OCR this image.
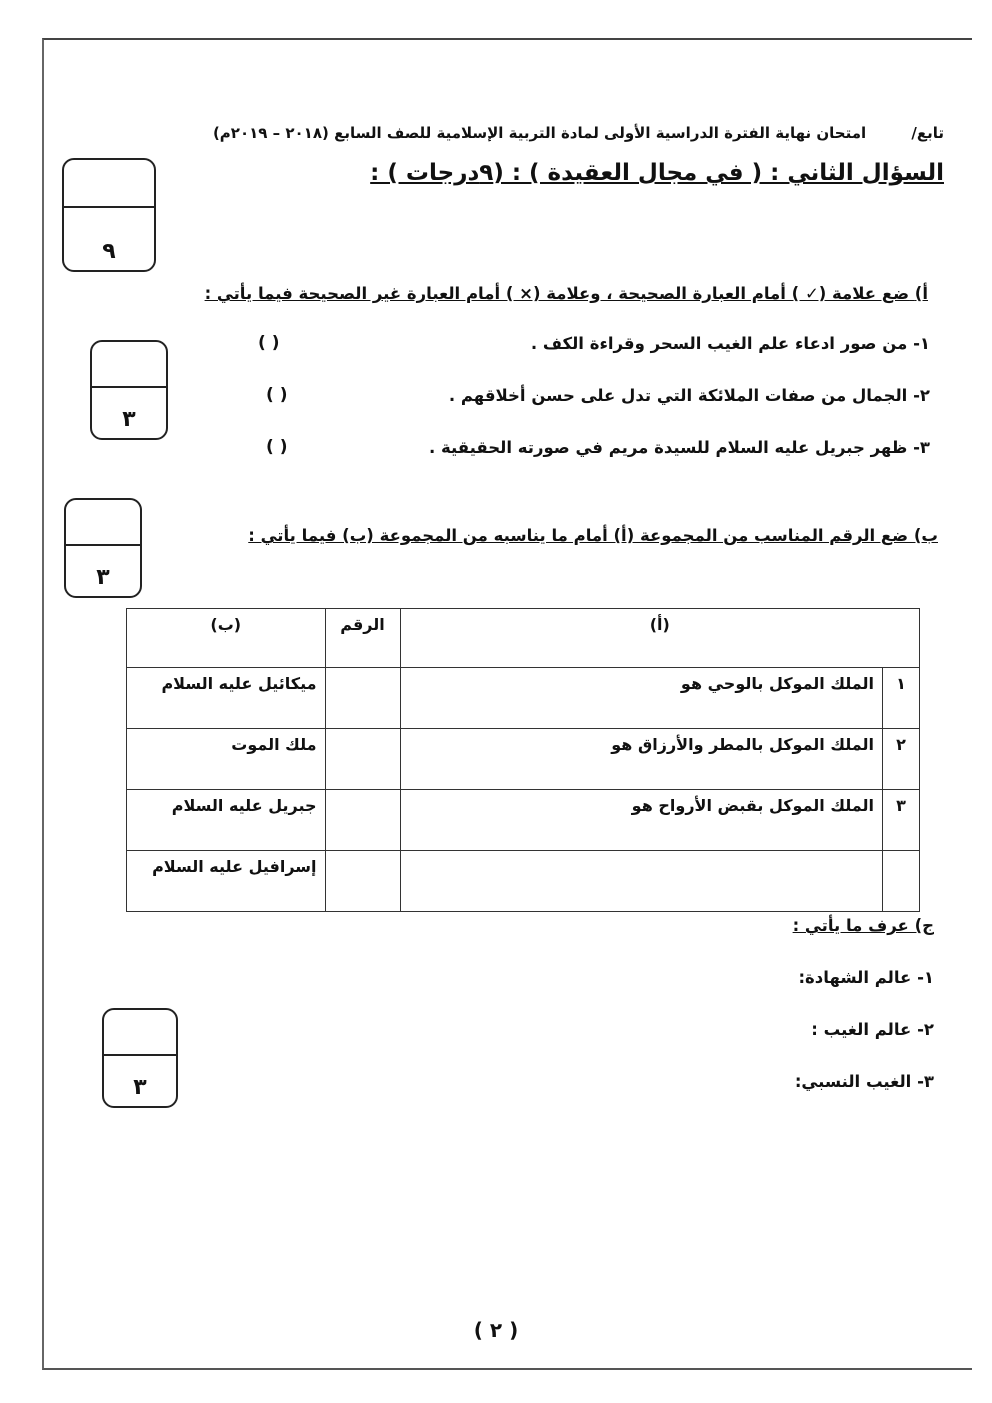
تابع/ امتحان نهاية الفترة الدراسية الأولى لمادة التربية الإسلامية للصف السابع (٢٠١٨ – ٢٠١٩م)
السؤال الثاني : ( في مجال العقيدة ) : (٩درجات ) :
٩
أ) ضع علامة (✓ ) أمام العبارة الصحيحة ، وعلامة (× ) أمام العبارة غير الصحيحة فيما يأتي :
٣
١- من صور ادعاء علم الغيب السحر وقراءة الكف .
( )
٢- الجمال من صفات الملائكة التي تدل على حسن أخلاقهم .
( )
٣- ظهر جبريل عليه السلام للسيدة مريم في صورته الحقيقية .
( )
٣
ب) ضع الرقم المناسب من المجموعة (أ) أمام ما يناسبه من المجموعة (ب) فيما يأتي :
(أ)		الرقم	(ب)
١	الملك الموكل بالوحي هو		ميكائيل عليه السلام
٢	الملك الموكل بالمطر والأرزاق هو		ملك الموت
٣	الملك الموكل بقبض الأرواح هو		جبريل عليه السلام
			إسرافيل عليه السلام
ج) عرف ما يأتي :
١- عالم الشهادة:
٢- عالم الغيب :
٣- الغيب النسبي:
٣
( ٢ )
